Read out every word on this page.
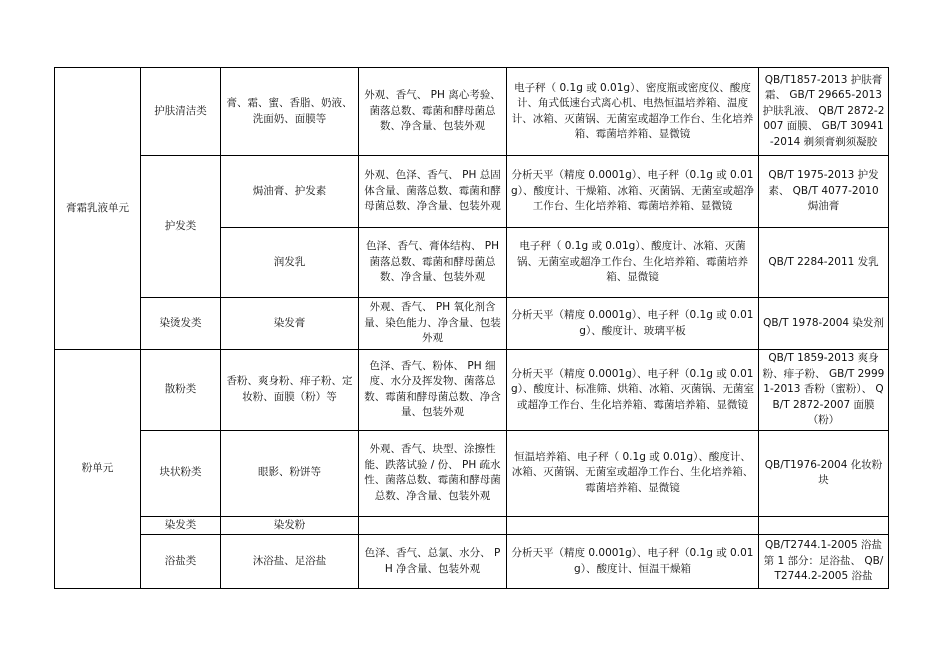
膏霜乳液单元	护肤清洁类	膏、霜、蜜、香脂、奶液、洗面奶、面膜等	外观、香气、 PH 离心考验、菌落总数、霉菌和酵母菌总数、净含量、包装外观	电子秤（ 0.1g 或 0.01g）、密度瓶或密度仪、酸度计、角式低速台式离心机、电热恒温培养箱、温度计、冰箱、灭菌锅、无菌室或超净工作台、生化培养箱、霉菌培养箱、显微镜	QB/T1857-2013 护肤膏霜、 GB/T 29665-2013 护肤乳液、 QB/T 2872-2007 面膜、 GB/T 30941-2014 剃须膏剃须凝胶
	护发类	焗油膏、护发素	外观、色泽、香气、 PH 总固体含量、菌落总数、霉菌和酵母菌总数、净含量、包装外观	分析天平（精度 0.0001g）、电子秤（0.1g 或 0.01g）、酸度计、干燥箱、冰箱、灭菌锅、无菌室或超净工作台、生化培养箱、霉菌培养箱、显微镜	QB/T 1975-2013 护发素、 QB/T 4077-2010 焗油膏
		润发乳	色泽、香气、膏体结构、 PH 菌落总数、霉菌和酵母菌总数、净含量、包装外观	电子秤（ 0.1g 或 0.01g）、酸度计、冰箱、灭菌锅、无菌室或超净工作台、生化培养箱、霉菌培养箱、显微镜	QB/T 2284-2011 发乳
	染烫发类	染发膏	外观、香气、 PH 氧化剂含量、染色能力、净含量、包装外观	分析天平（精度 0.0001g）、电子秤（0.1g 或 0.01g）、酸度计、玻璃平板	QB/T 1978-2004 染发剂
粉单元	散粉类	香粉、爽身粉、痱子粉、定妆粉、面膜（粉）等	色泽、香气、粉体、 PH 细度、水分及挥发物、菌落总数、霉菌和酵母菌总数、净含量、包装外观	分析天平（精度 0.0001g）、电子秤（0.1g 或 0.01g）、酸度计、标准筛、烘箱、冰箱、灭菌锅、无菌室或超净工作台、生化培养箱、霉菌培养箱、显微镜	QB/T 1859-2013 爽身粉、痱子粉、 GB/T 29991-2013 香粉（蜜粉）、 QB/T 2872-2007 面膜（粉）
	块状粉类	眼影、粉饼等	外观、香气、块型、涂擦性能、跌落试验 / 份、 PH 疏水性、菌落总数、霉菌和酵母菌总数、净含量、包装外观	恒温培养箱、电子秤（ 0.1g 或 0.01g）、酸度计、冰箱、灭菌锅、无菌室或超净工作台、生化培养箱、霉菌培养箱、显微镜	QB/T1976-2004 化妆粉块
	染发类	染发粉			
	浴盐类	沐浴盐、足浴盐	色泽、香气、总氯、水分、 PH 净含量、包装外观	分析天平（精度 0.0001g）、电子秤（0.1g 或 0.01g）、酸度计、恒温干燥箱	QB/T2744.1-2005 浴盐 第 1 部分：足浴盐、 QB/T2744.2-2005 浴盐
